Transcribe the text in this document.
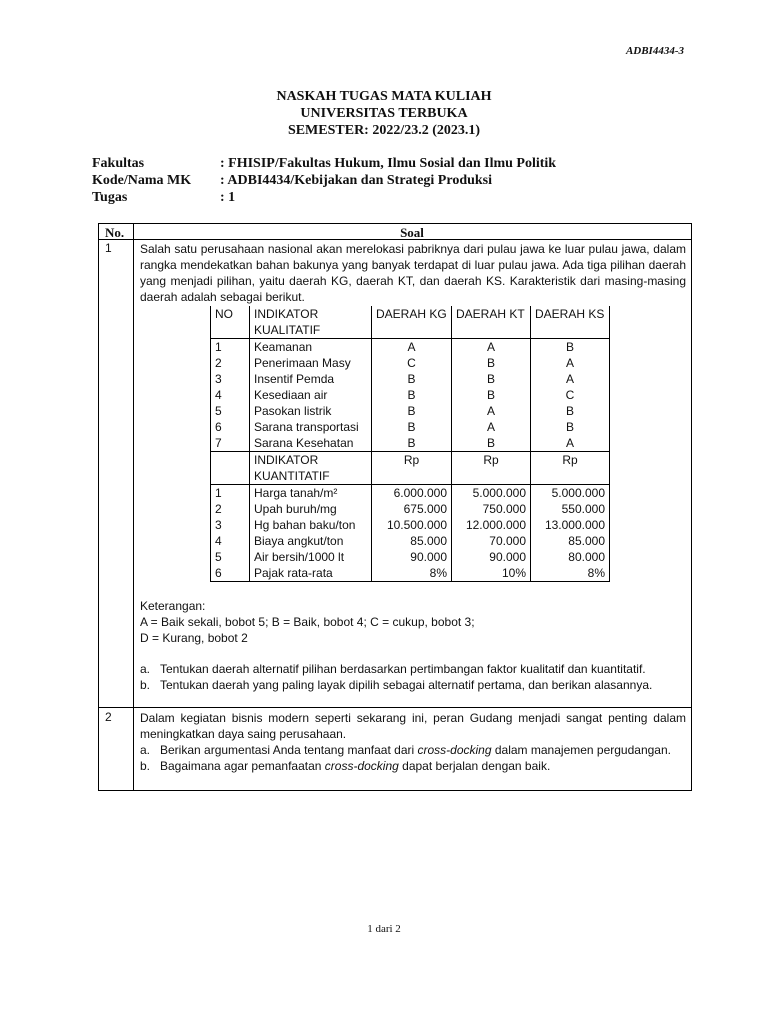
ADBI4434-3
NASKAH TUGAS MATA KULIAH
UNIVERSITAS TERBUKA
SEMESTER: 2022/23.2 (2023.1)
Fakultas	: FHISIP/Fakultas Hukum, Ilmu Sosial dan Ilmu Politik
Kode/Nama MK	: ADBI4434/Kebijakan dan Strategi Produksi
Tugas	: 1
No.	Soal
1 Salah satu perusahaan nasional akan merelokasi pabriknya dari pulau jawa ke luar pulau jawa, dalam rangka mendekatkan bahan bakunya yang banyak terdapat di luar pulau jawa. Ada tiga pilihan daerah yang menjadi pilihan, yaitu daerah KG, daerah KT, dan daerah KS. Karakteristik dari masing-masing daerah adalah sebagai berikut.
NO	INDIKATOR KUALITATIF	DAERAH KG	DAERAH KT	DAERAH KS
1	Keamanan	A	A	B
2	Penerimaan Masy	C	B	A
3	Insentif Pemda	B	B	A
4	Kesediaan air	B	B	C
5	Pasokan listrik	B	A	B
6	Sarana transportasi	B	A	B
7	Sarana Kesehatan	B	B	A
	INDIKATOR KUANTITATIF	Rp	Rp	Rp
1	Harga tanah/m²	6.000.000	5.000.000	5.000.000
2	Upah buruh/mg	675.000	750.000	550.000
3	Hg bahan baku/ton	10.500.000	12.000.000	13.000.000
4	Biaya angkut/ton	85.000	70.000	85.000
5	Air bersih/1000 lt	90.000	90.000	80.000
6	Pajak rata-rata	8%	10%	8%
Keterangan:
A = Baik sekali, bobot 5; B = Baik, bobot 4; C = cukup, bobot 3;
D = Kurang, bobot 2
a. Tentukan daerah alternatif pilihan berdasarkan pertimbangan faktor kualitatif dan kuantitatif.
b. Tentukan daerah yang paling layak dipilih sebagai alternatif pertama, dan berikan alasannya.
2 Dalam kegiatan bisnis modern seperti sekarang ini, peran Gudang menjadi sangat penting dalam meningkatkan daya saing perusahaan.
a. Berikan argumentasi Anda tentang manfaat dari cross-docking dalam manajemen pergudangan.
b. Bagaimana agar pemanfaatan cross-docking dapat berjalan dengan baik.
1 dari 2
